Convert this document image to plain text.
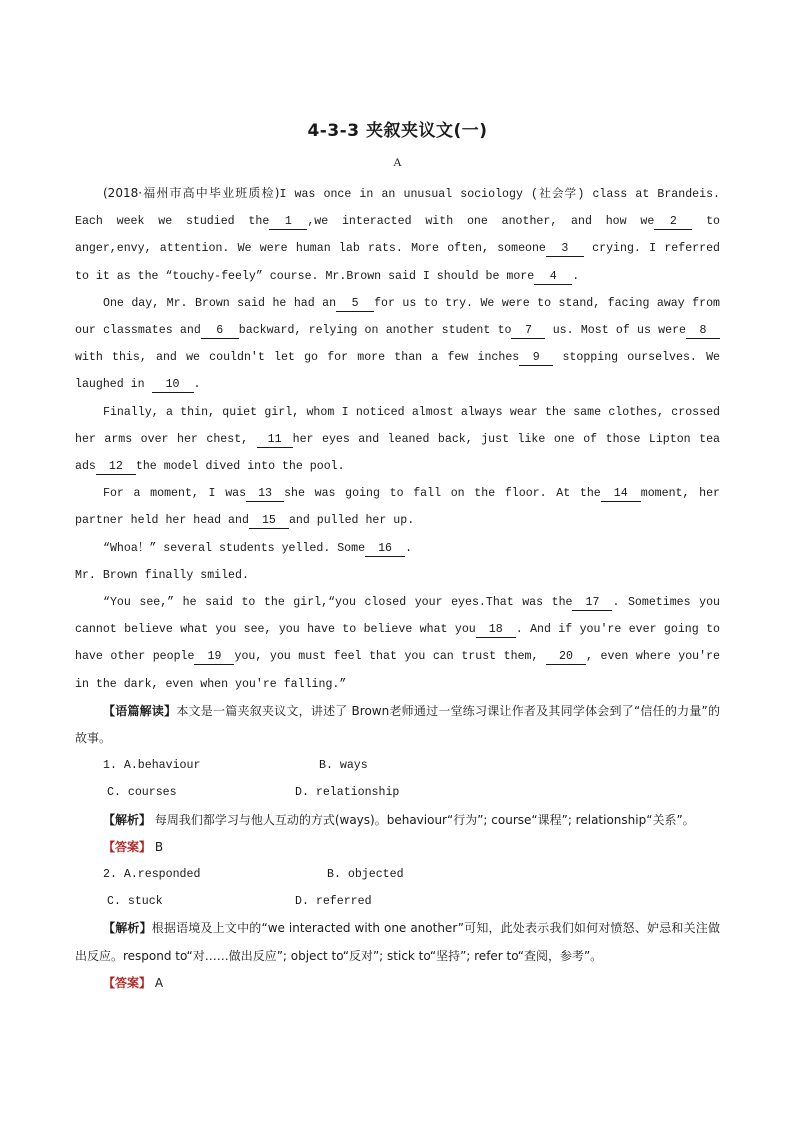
4-3-3 夹叙夹议文(一)
A

(2018·福州市高中毕业班质检)I was once in an unusual sociology (社会学) class at Brandeis. Each week we studied the 1 ,we interacted with one another, and how we 2 to anger,envy, attention. We were human lab rats. More often, someone 3 crying. I referred to it as the “touchy-feely” course. Mr.Brown said I should be more 4 .

One day, Mr. Brown said he had an 5 for us to try. We were to stand, facing away from our classmates and 6 backward, relying on another student to 7 us. Most of us were 8with this, and we couldn't let go for more than a few inches 9 stopping ourselves. We laughed in 10 .

Finally, a thin, quiet girl, whom I noticed almost always wear the same clothes, crossed her arms over her chest, 11 her eyes and leaned back, just like one of those Lipton tea ads 12 the model dived into the pool.

For a moment, I was 13 she was going to fall on the floor. At the 14 moment, her partner held her head and 15 and pulled her up.

“Whoa！” several students yelled. Some 16 .

Mr. Brown finally smiled.

“You see,” he said to the girl,“you closed your eyes.That was the 17 . Sometimes you cannot believe what you see, you have to believe what you 18 . And if you're ever going to have other people 19 you, you must feel that you can trust them, 20 , even where you're in the dark, even when you're falling.”

【语篇解读】本文是一篇夹叙夹议文，讲述了 Brown老师通过一堂练习课让作者及其同学体会到了“信任的力量”的故事。

1. A.behaviour	B. ways

C. courses	D. relationship

【解析】 每周我们都学习与他人互动的方式(ways)。behaviour“行为”; course“课程”; relationship“关系”。

【答案】 B

2. A.responded	B. objected

C. stuck	D. referred

【解析】根据语境及上文中的“we interacted with one another”可知，此处表示我们如何对愤怒、妒忌和关注做出反应。respond to“对……做出反应”; object to“反对”; stick to“坚持”; refer to“查阅，参考”。

【答案】 A
